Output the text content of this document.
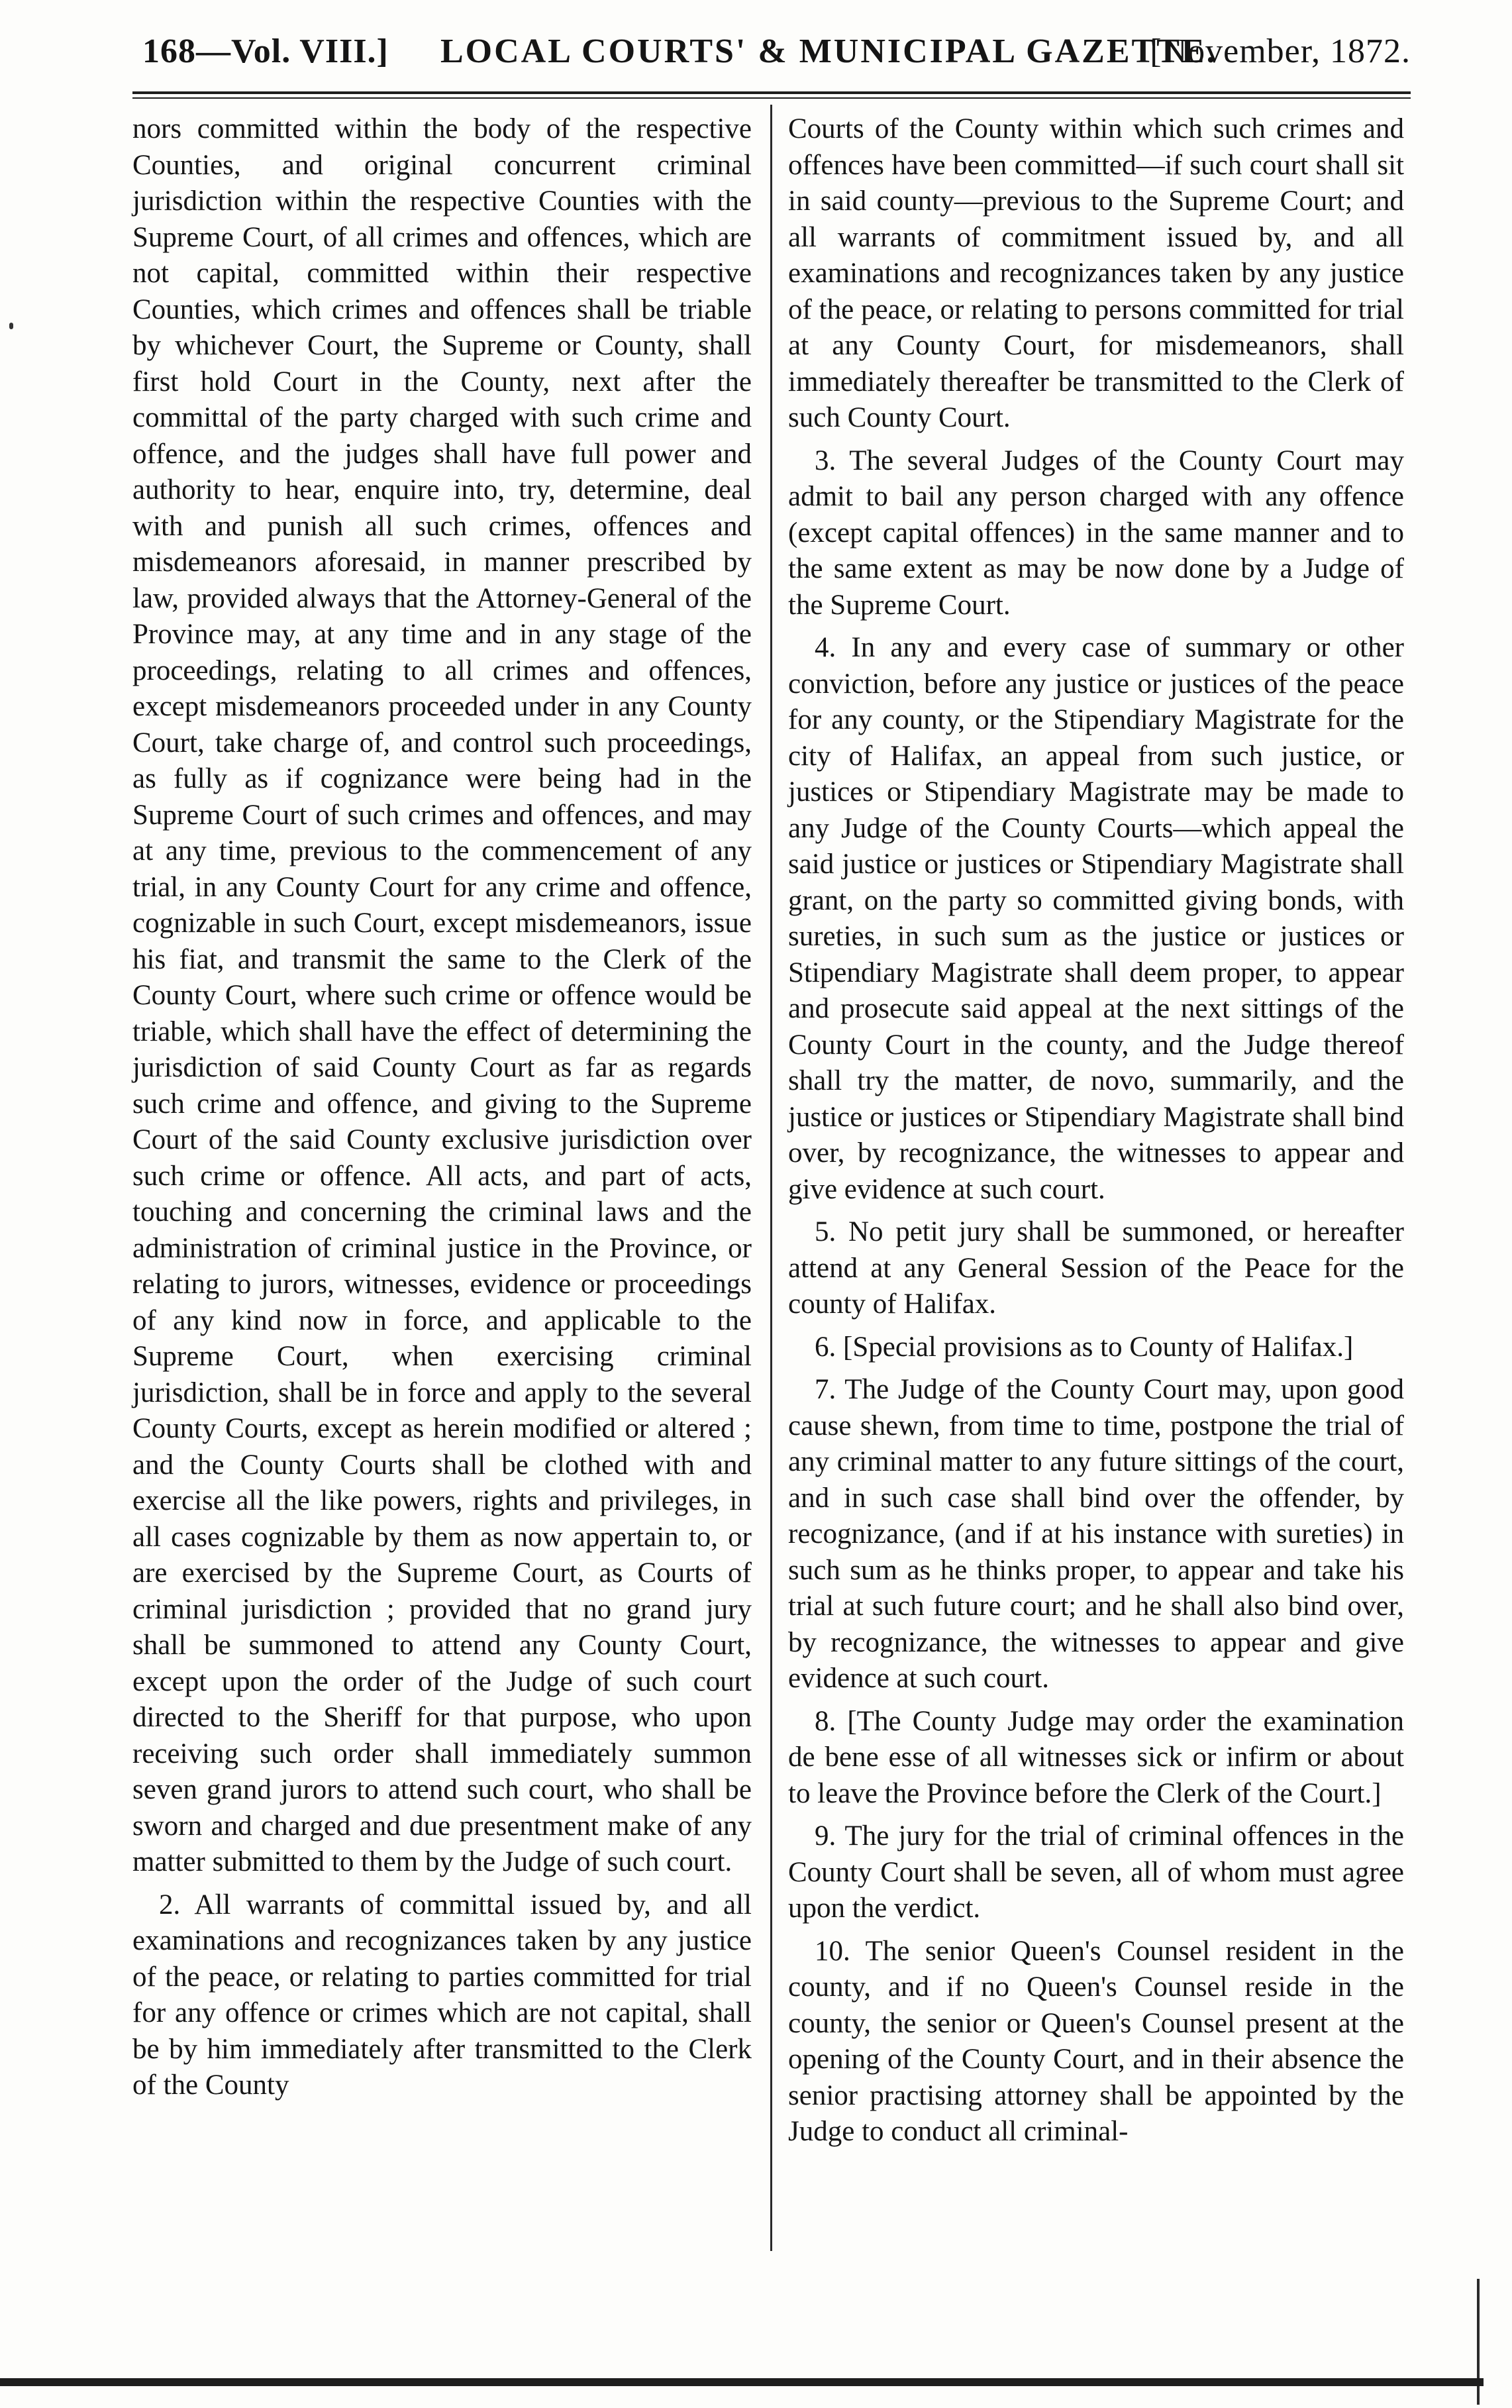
168—Vol. VIII.] LOCAL COURTS' & MUNICIPAL GAZETTE.
[November, 1872.

nors committed within the body of the respective Counties, and original concurrent criminal jurisdiction within the respective Counties with the Supreme Court, of all crimes and offences, which are not capital, committed within their respective Counties, which crimes and offences shall be triable by whichever Court, the Supreme or County, shall first hold Court in the County, next after the committal of the party charged with such crime and offence, and the judges shall have full power and authority to hear, enquire into, try, determine, deal with and punish all such crimes, offences and misdemeanors aforesaid, in manner prescribed by law, provided always that the Attorney-General of the Province may, at any time and in any stage of the proceedings, relating to all crimes and offences, except misdemeanors proceeded under in any County Court, take charge of, and control such proceedings, as fully as if cognizance were being had in the Supreme Court of such crimes and offences, and may at any time, previous to the commencement of any trial, in any County Court for any crime and offence, cognizable in such Court, except misdemeanors, issue his fiat, and transmit the same to the Clerk of the County Court, where such crime or offence would be triable, which shall have the effect of determining the jurisdiction of said County Court as far as regards such crime and offence, and giving to the Supreme Court of the said County exclusive jurisdiction over such crime or offence. All acts, and part of acts, touching and concerning the criminal laws and the administration of criminal justice in the Province, or relating to jurors, witnesses, evidence or proceedings of any kind now in force, and applicable to the Supreme Court, when exercising criminal jurisdiction, shall be in force and apply to the several County Courts, except as herein modified or altered ; and the County Courts shall be clothed with and exercise all the like powers, rights and privileges, in all cases cognizable by them as now appertain to, or are exercised by the Supreme Court, as Courts of criminal jurisdiction ; provided that no grand jury shall be summoned to attend any County Court, except upon the order of the Judge of such court directed to the Sheriff for that purpose, who upon receiving such order shall immediately summon seven grand jurors to attend such court, who shall be sworn and charged and due presentment make of any matter submitted to them by the Judge of such court.

2. All warrants of committal issued by, and all examinations and recognizances taken by any justice of the peace, or relating to parties committed for trial for any offence or crimes which are not capital, shall be by him immediately after transmitted to the Clerk of the County

Courts of the County within which such crimes and offences have been committed—if such court shall sit in said county—previous to the Supreme Court; and all warrants of commitment issued by, and all examinations and recognizances taken by any justice of the peace, or relating to persons committed for trial at any County Court, for misdemeanors, shall immediately thereafter be transmitted to the Clerk of such County Court.

3. The several Judges of the County Court may admit to bail any person charged with any offence (except capital offences) in the same manner and to the same extent as may be now done by a Judge of the Supreme Court.

4. In any and every case of summary or other conviction, before any justice or justices of the peace for any county, or the Stipendiary Magistrate for the city of Halifax, an appeal from such justice, or justices or Stipendiary Magistrate may be made to any Judge of the County Courts—which appeal the said justice or justices or Stipendiary Magistrate shall grant, on the party so committed giving bonds, with sureties, in such sum as the justice or justices or Stipendiary Magistrate shall deem proper, to appear and prosecute said appeal at the next sittings of the County Court in the county, and the Judge thereof shall try the matter, de novo, summarily, and the justice or justices or Stipendiary Magistrate shall bind over, by recognizance, the witnesses to appear and give evidence at such court.

5. No petit jury shall be summoned, or hereafter attend at any General Session of the Peace for the county of Halifax.

6. [Special provisions as to County of Halifax.]

7. The Judge of the County Court may, upon good cause shewn, from time to time, postpone the trial of any criminal matter to any future sittings of the court, and in such case shall bind over the offender, by recognizance, (and if at his instance with sureties) in such sum as he thinks proper, to appear and take his trial at such future court; and he shall also bind over, by recognizance, the witnesses to appear and give evidence at such court.

8. [The County Judge may order the examination de bene esse of all witnesses sick or infirm or about to leave the Province before the Clerk of the Court.]

9. The jury for the trial of criminal offences in the County Court shall be seven, all of whom must agree upon the verdict.

10. The senior Queen's Counsel resident in the county, and if no Queen's Counsel reside in the county, the senior or Queen's Counsel present at the opening of the County Court, and in their absence the senior practising attorney shall be appointed by the Judge to conduct all criminal-
